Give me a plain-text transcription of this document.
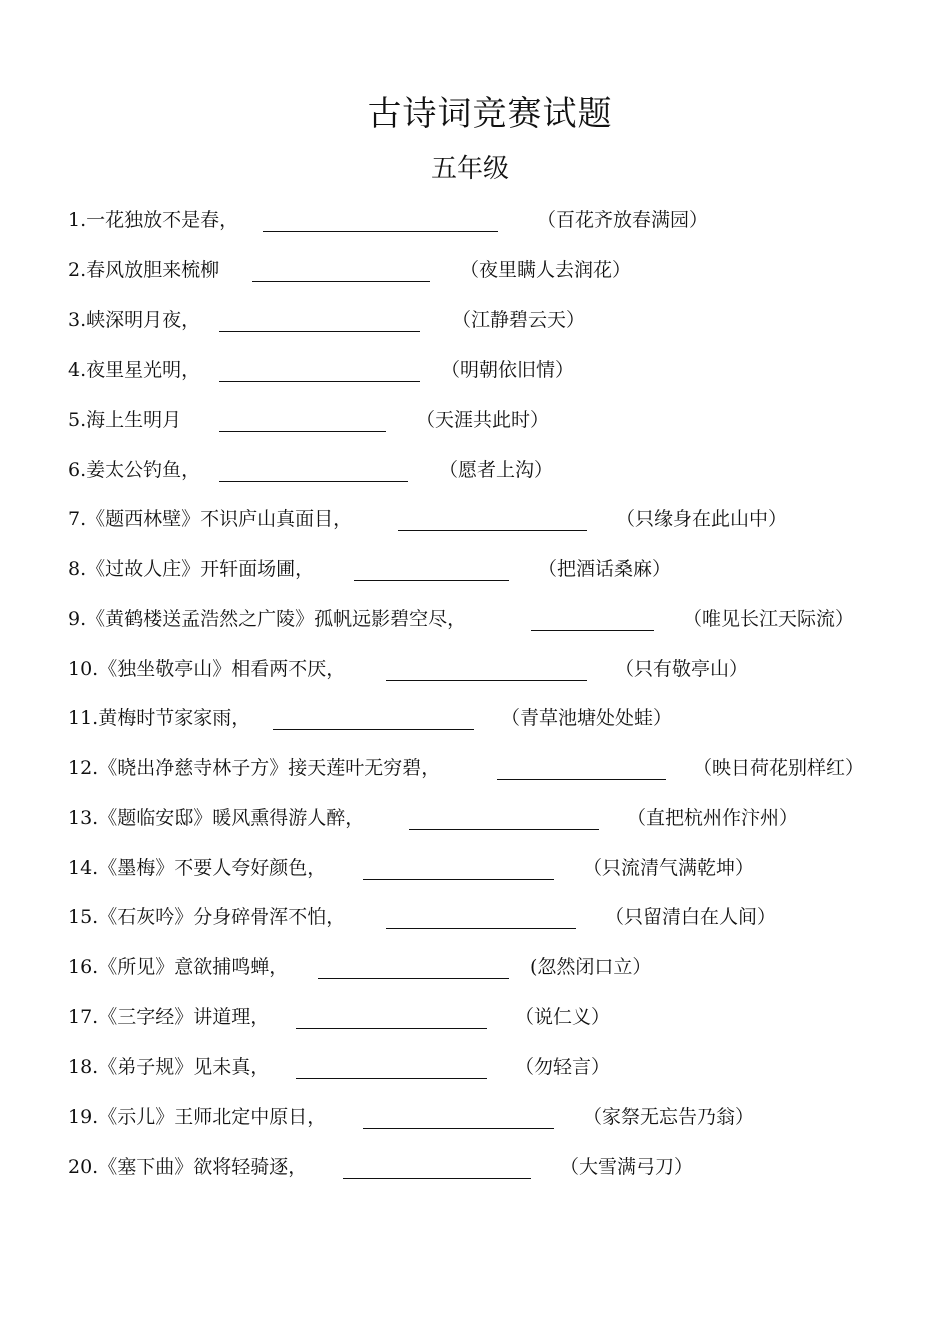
古诗词竞赛试题
五年级
1.一花独放不是春，	（百花齐放春满园）
2.春风放胆来梳柳	（夜里瞒人去润花）
3.峡深明月夜，	（江静碧云天）
4.夜里星光明，	（明朝依旧情）
5.海上生明月	（天涯共此时）
6.姜太公钓鱼，	（愿者上沟）
7.《题西林壁》不识庐山真面目，	（只缘身在此山中）
8.《过故人庄》开轩面场圃，	（把酒话桑麻）
9.《黄鹤楼送孟浩然之广陵》孤帆远影碧空尽，	（唯见长江天际流）
10.《独坐敬亭山》相看两不厌，	（只有敬亭山）
11.黄梅时节家家雨，	（青草池塘处处蛙）
12.《晓出净慈寺林子方》接天莲叶无穷碧，	（映日荷花别样红）
13.《题临安邸》暖风熏得游人醉，	（直把杭州作汴州）
14.《墨梅》不要人夸好颜色，	（只流清气满乾坤）
15.《石灰吟》分身碎骨浑不怕，	（只留清白在人间）
16.《所见》意欲捕鸣蝉，	(忽然闭口立）
17.《三字经》讲道理，	（说仁义）
18.《弟子规》见未真，	（勿轻言）
19.《示儿》王师北定中原日，	（家祭无忘告乃翁）
20.《塞下曲》欲将轻骑逐，	（大雪满弓刀）
